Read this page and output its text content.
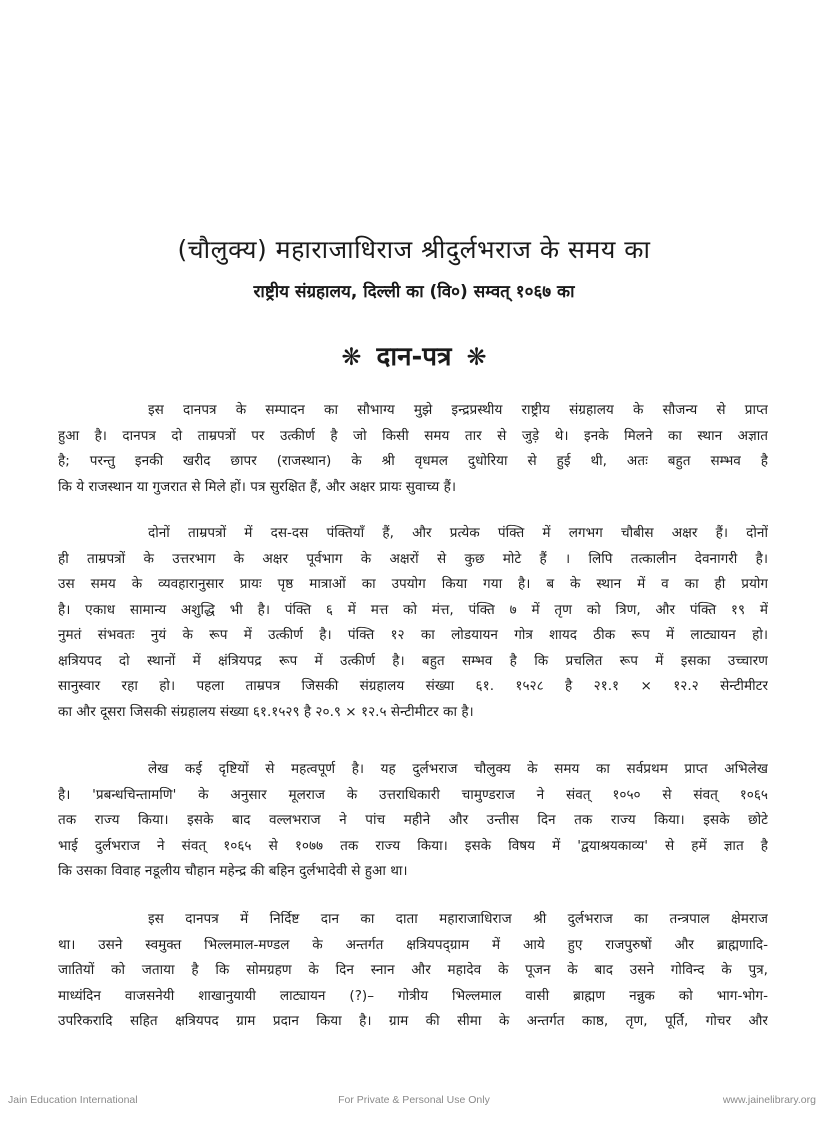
(चौलुक्य) महाराजाधिराज श्रीदुर्लभराज के समय का
राष्ट्रीय संग्रहालय, दिल्ली का (वि०) सम्वत् १०६७ का
❋ दान-पत्र ❋
इस दानपत्र के सम्पादन का सौभाग्य मुझे इन्द्रप्रस्थीय राष्ट्रीय संग्रहालय के सौजन्य से प्राप्त
हुआ है। दानपत्र दो ताम्रपत्रों पर उत्कीर्ण है जो किसी समय तार से जुड़े थे। इनके मिलने का स्थान अज्ञात
है; परन्तु इनकी खरीद छापर (राजस्थान) के श्री वृधमल दुधोरिया से हुई थी, अतः बहुत सम्भव है
कि ये राजस्थान या गुजरात से मिले हों। पत्र सुरक्षित हैं, और अक्षर प्रायः सुवाच्य हैं।
दोनों ताम्रपत्रों में दस-दस पंक्तियाँ हैं, और प्रत्येक पंक्ति में लगभग चौबीस अक्षर हैं। दोनों
ही ताम्रपत्रों के उत्तरभाग के अक्षर पूर्वभाग के अक्षरों से कुछ मोटे हैं । लिपि तत्कालीन देवनागरी है।
उस समय के व्यवहारानुसार प्रायः पृष्ठ मात्राओं का उपयोग किया गया है। ब के स्थान में व का ही प्रयोग
है। एकाध सामान्य अशुद्धि भी है। पंक्ति ६ में मत्त को मंत्त, पंक्ति ७ में तृण को त्रिण, और पंक्ति १९ में
नुमतं संभवतः नुयं के रूप में उत्कीर्ण है। पंक्ति १२ का लोडयायन गोत्र शायद ठीक रूप में लाट्यायन हो।
क्षत्रियपद दो स्थानों में क्षंत्रियपद्र रूप में उत्कीर्ण है। बहुत सम्भव है कि प्रचलित रूप में इसका उच्चारण
सानुस्वार रहा हो। पहला ताम्रपत्र जिसकी संग्रहालय संख्या ६१. १५२८ है २१.१ × १२.२ सेन्टीमीटर
का और दूसरा जिसकी संग्रहालय संख्या ६१.१५२९ है २०.९ × १२.५ सेन्टीमीटर का है।
लेख कई दृष्टियों से महत्वपूर्ण है। यह दुर्लभराज चौलुक्य के समय का सर्वप्रथम प्राप्त अभिलेख
है। 'प्रबन्धचिन्तामणि' के अनुसार मूलराज के उत्तराधिकारी चामुण्डराज ने संवत् १०५० से संवत् १०६५
तक राज्य किया। इसके बाद वल्लभराज ने पांच महीने और उन्तीस दिन तक राज्य किया। इसके छोटे
भाई दुर्लभराज ने संवत् १०६५ से १०७७ तक राज्य किया। इसके विषय में 'द्वयाश्रयकाव्य' से हमें ज्ञात है
कि उसका विवाह नडूलीय चौहान महेन्द्र की बहिन दुर्लभादेवी से हुआ था।
इस दानपत्र में निर्दिष्ट दान का दाता महाराजाधिराज श्री दुर्लभराज का तन्त्रपाल क्षेमराज
था। उसने स्वमुक्त भिल्लमाल-मण्डल के अन्तर्गत क्षत्रियपद्ग्राम में आये हुए राजपुरुषों और ब्राह्मणादि-
जातियों को जताया है कि सोमग्रहण के दिन स्नान और महादेव के पूजन के बाद उसने गोविन्द के पुत्र,
माध्यंदिन वाजसनेयी शाखानुयायी लाट्यायन (?)– गोत्रीय भिल्लमाल वासी ब्राह्मण नन्नुक को भाग-भोग-
उपरिकरादि सहित क्षत्रियपद ग्राम प्रदान किया है। ग्राम की सीमा के अन्तर्गत काष्ठ, तृण, पूर्ति, गोचर और
Jain Education International	For Private & Personal Use Only	www.jainelibrary.org
